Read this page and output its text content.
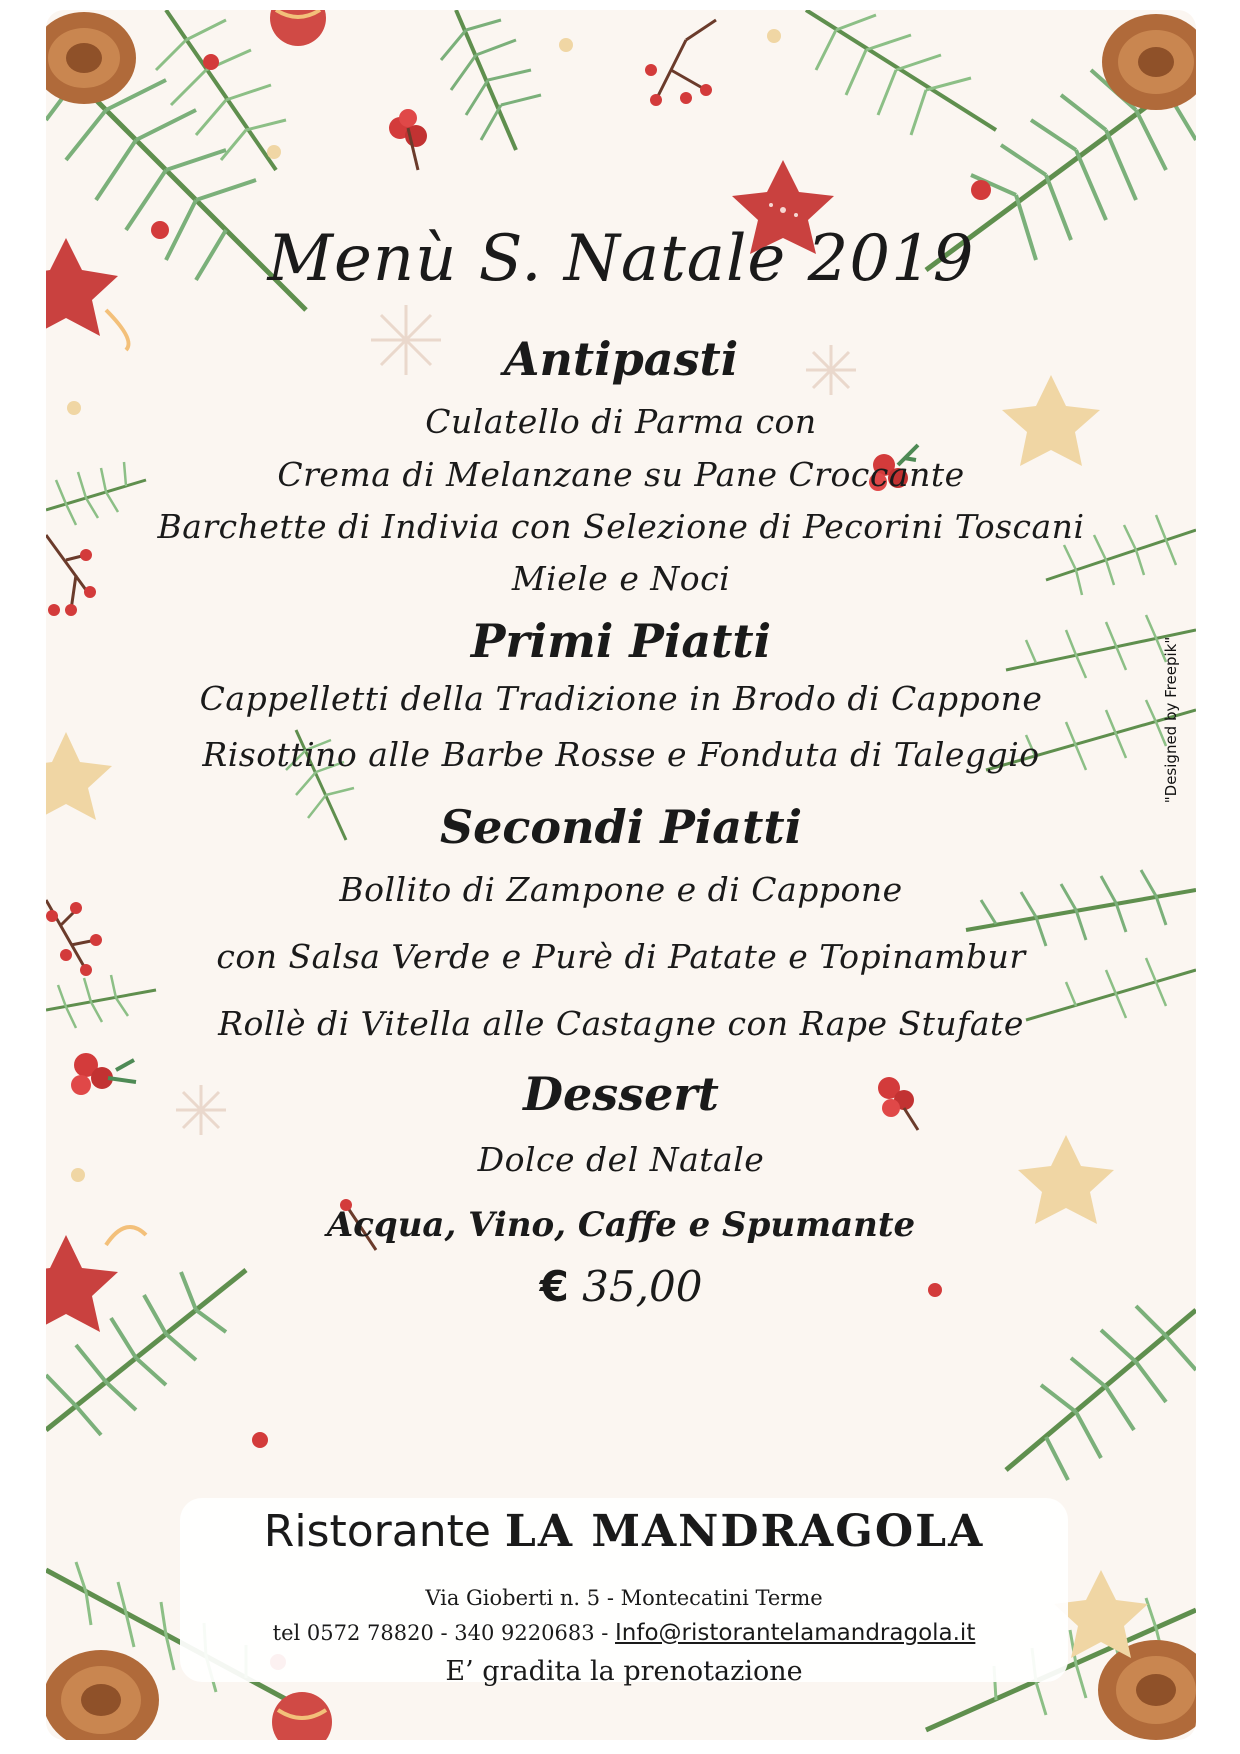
Menù S. Natale 2019
Antipasti
Culatello di Parma con
Crema di Melanzane su Pane Croccante
Barchette di Indivia con Selezione di Pecorini Toscani
Miele e Noci
Primi Piatti
Cappelletti della Tradizione in Brodo di Cappone
Risottino alle Barbe Rosse e Fonduta di Taleggio
Secondi Piatti
Bollito di Zampone e di Cappone
con Salsa Verde e Purè di Patate e Topinambur
Rollè di Vitella alle Castagne con Rape Stufate
Dessert
Dolce del Natale
Acqua, Vino, Caffe e Spumante
€ 35,00
"Designed by Freepik"
Ristorante LA MANDRAGOLA
Via Gioberti n. 5 - Montecatini Terme
tel 0572 78820 - 340 9220683 - Info@ristorantelamandragola.it
E’ gradita la prenotazione
